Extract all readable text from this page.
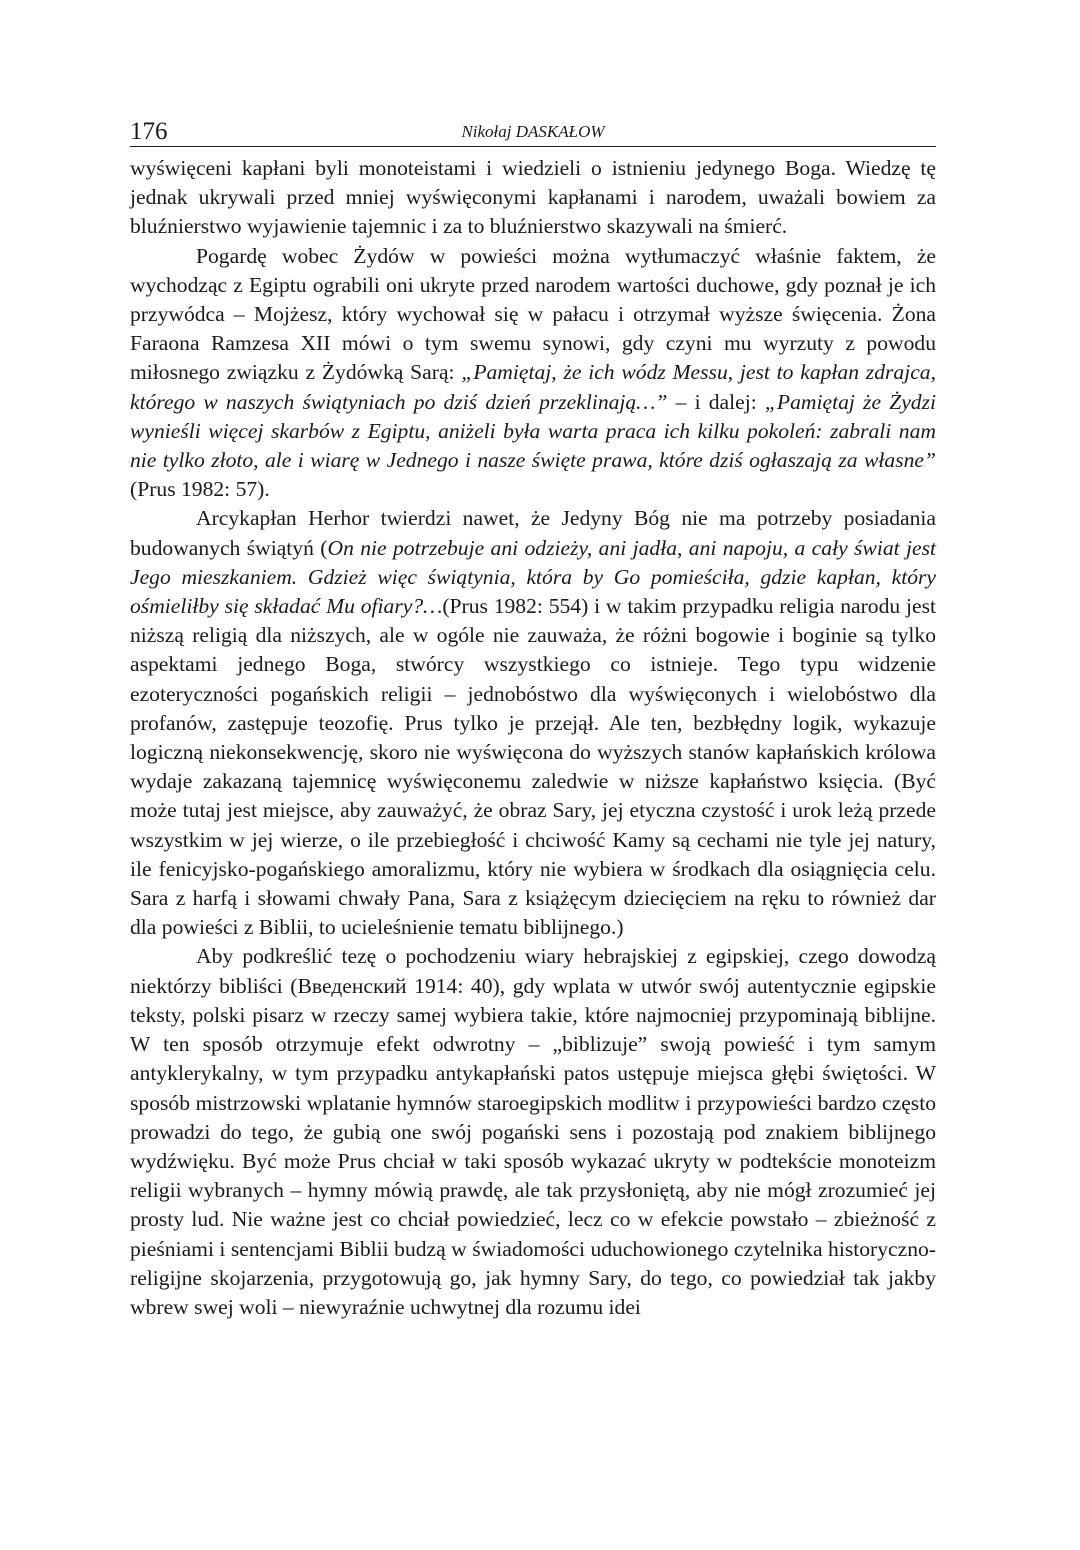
176	Nikołaj DASKAŁOW

wyświęceni kapłani byli monoteistami i wiedzieli o istnieniu jedynego Boga. Wiedzę tę jednak ukrywali przed mniej wyświęconymi kapłanami i narodem, uważali bowiem za bluźnierstwo wyjawienie tajemnic i za to bluźnierstwo skazywali na śmierć.

Pogardę wobec Żydów w powieści można wytłumaczyć właśnie faktem, że wychodząc z Egiptu ograbili oni ukryte przed narodem wartości duchowe, gdy poznał je ich przywódca – Mojżesz, który wychował się w pałacu i otrzymał wyższe święcenia. Żona Faraona Ramzesa XII mówi o tym swemu synowi, gdy czyni mu wyrzuty z powodu miłosnego związku z Żydówką Sarą: „Pamiętaj, że ich wódz Messu, jest to kapłan zdrajca, którego w naszych świątyniach po dziś dzień przeklinają…” – i dalej: „Pamiętaj że Żydzi wynieśli więcej skarbów z Egiptu, aniżeli była warta praca ich kilku pokoleń: zabrali nam nie tylko złoto, ale i wiarę w Jednego i nasze święte prawa, które dziś ogłaszają za własne” (Prus 1982: 57).

Arcykapłan Herhor twierdzi nawet, że Jedyny Bóg nie ma potrzeby posiadania budowanych świątyń (On nie potrzebuje ani odzieży, ani jadła, ani napoju, a cały świat jest Jego mieszkaniem. Gdzież więc świątynia, która by Go pomieściła, gdzie kapłan, który ośmieliłby się składać Mu ofiary?…(Prus 1982: 554) i w takim przypadku religia narodu jest niższą religią dla niższych, ale w ogóle nie zauważa, że różni bogowie i boginie są tylko aspektami jednego Boga, stwórcy wszystkiego co istnieje. Tego typu widzenie ezoteryczności pogańskich religii – jednobóstwo dla wyświęconych i wielobóstwo dla profanów, zastępuje teozofię. Prus tylko je przejął. Ale ten, bezbłędny logik, wykazuje logiczną niekonsekwencję, skoro nie wyświęcona do wyższych stanów kapłańskich królowa wydaje zakazaną tajemnicę wyświęconemu zaledwie w niższe kapłaństwo księcia. (Być może tutaj jest miejsce, aby zauważyć, że obraz Sary, jej etyczna czystość i urok leżą przede wszystkim w jej wierze, o ile przebiegłość i chciwość Kamy są cechami nie tyle jej natury, ile fenicyjsko-pogańskiego amoralizmu, który nie wybiera w środkach dla osiągnięcia celu. Sara z harfą i słowami chwały Pana, Sara z książęcym dziecięciem na ręku to również dar dla powieści z Biblii, to ucieleśnienie tematu biblijnego.)

Aby podkreślić tezę o pochodzeniu wiary hebrajskiej z egipskiej, czego dowodzą niektórzy bibliści (Введенский 1914: 40), gdy wplata w utwór swój autentycznie egipskie teksty, polski pisarz w rzeczy samej wybiera takie, które najmocniej przypominają biblijne. W ten sposób otrzymuje efekt odwrotny – „biblizuje” swoją powieść i tym samym antyklerykalny, w tym przypadku antykapłański patos ustępuje miejsca głębi świętości. W sposób mistrzowski wplatanie hymnów staroegipskich modlitw i przypowieści bardzo często prowadzi do tego, że gubią one swój pogański sens i pozostają pod znakiem biblijnego wydźwięku. Być może Prus chciał w taki sposób wykazać ukryty w podtekście monoteizm religii wybranych – hymny mówią prawdę, ale tak przysłoniętą, aby nie mógł zrozumieć jej prosty lud. Nie ważne jest co chciał powiedzieć, lecz co w efekcie powstało – zbieżność z pieśniami i sentencjami Biblii budzą w świadomości uduchowionego czytelnika historyczno-religijne skojarzenia, przygotowują go, jak hymny Sary, do tego, co powiedział tak jakby wbrew swej woli – niewyraźnie uchwytnej dla rozumu idei
